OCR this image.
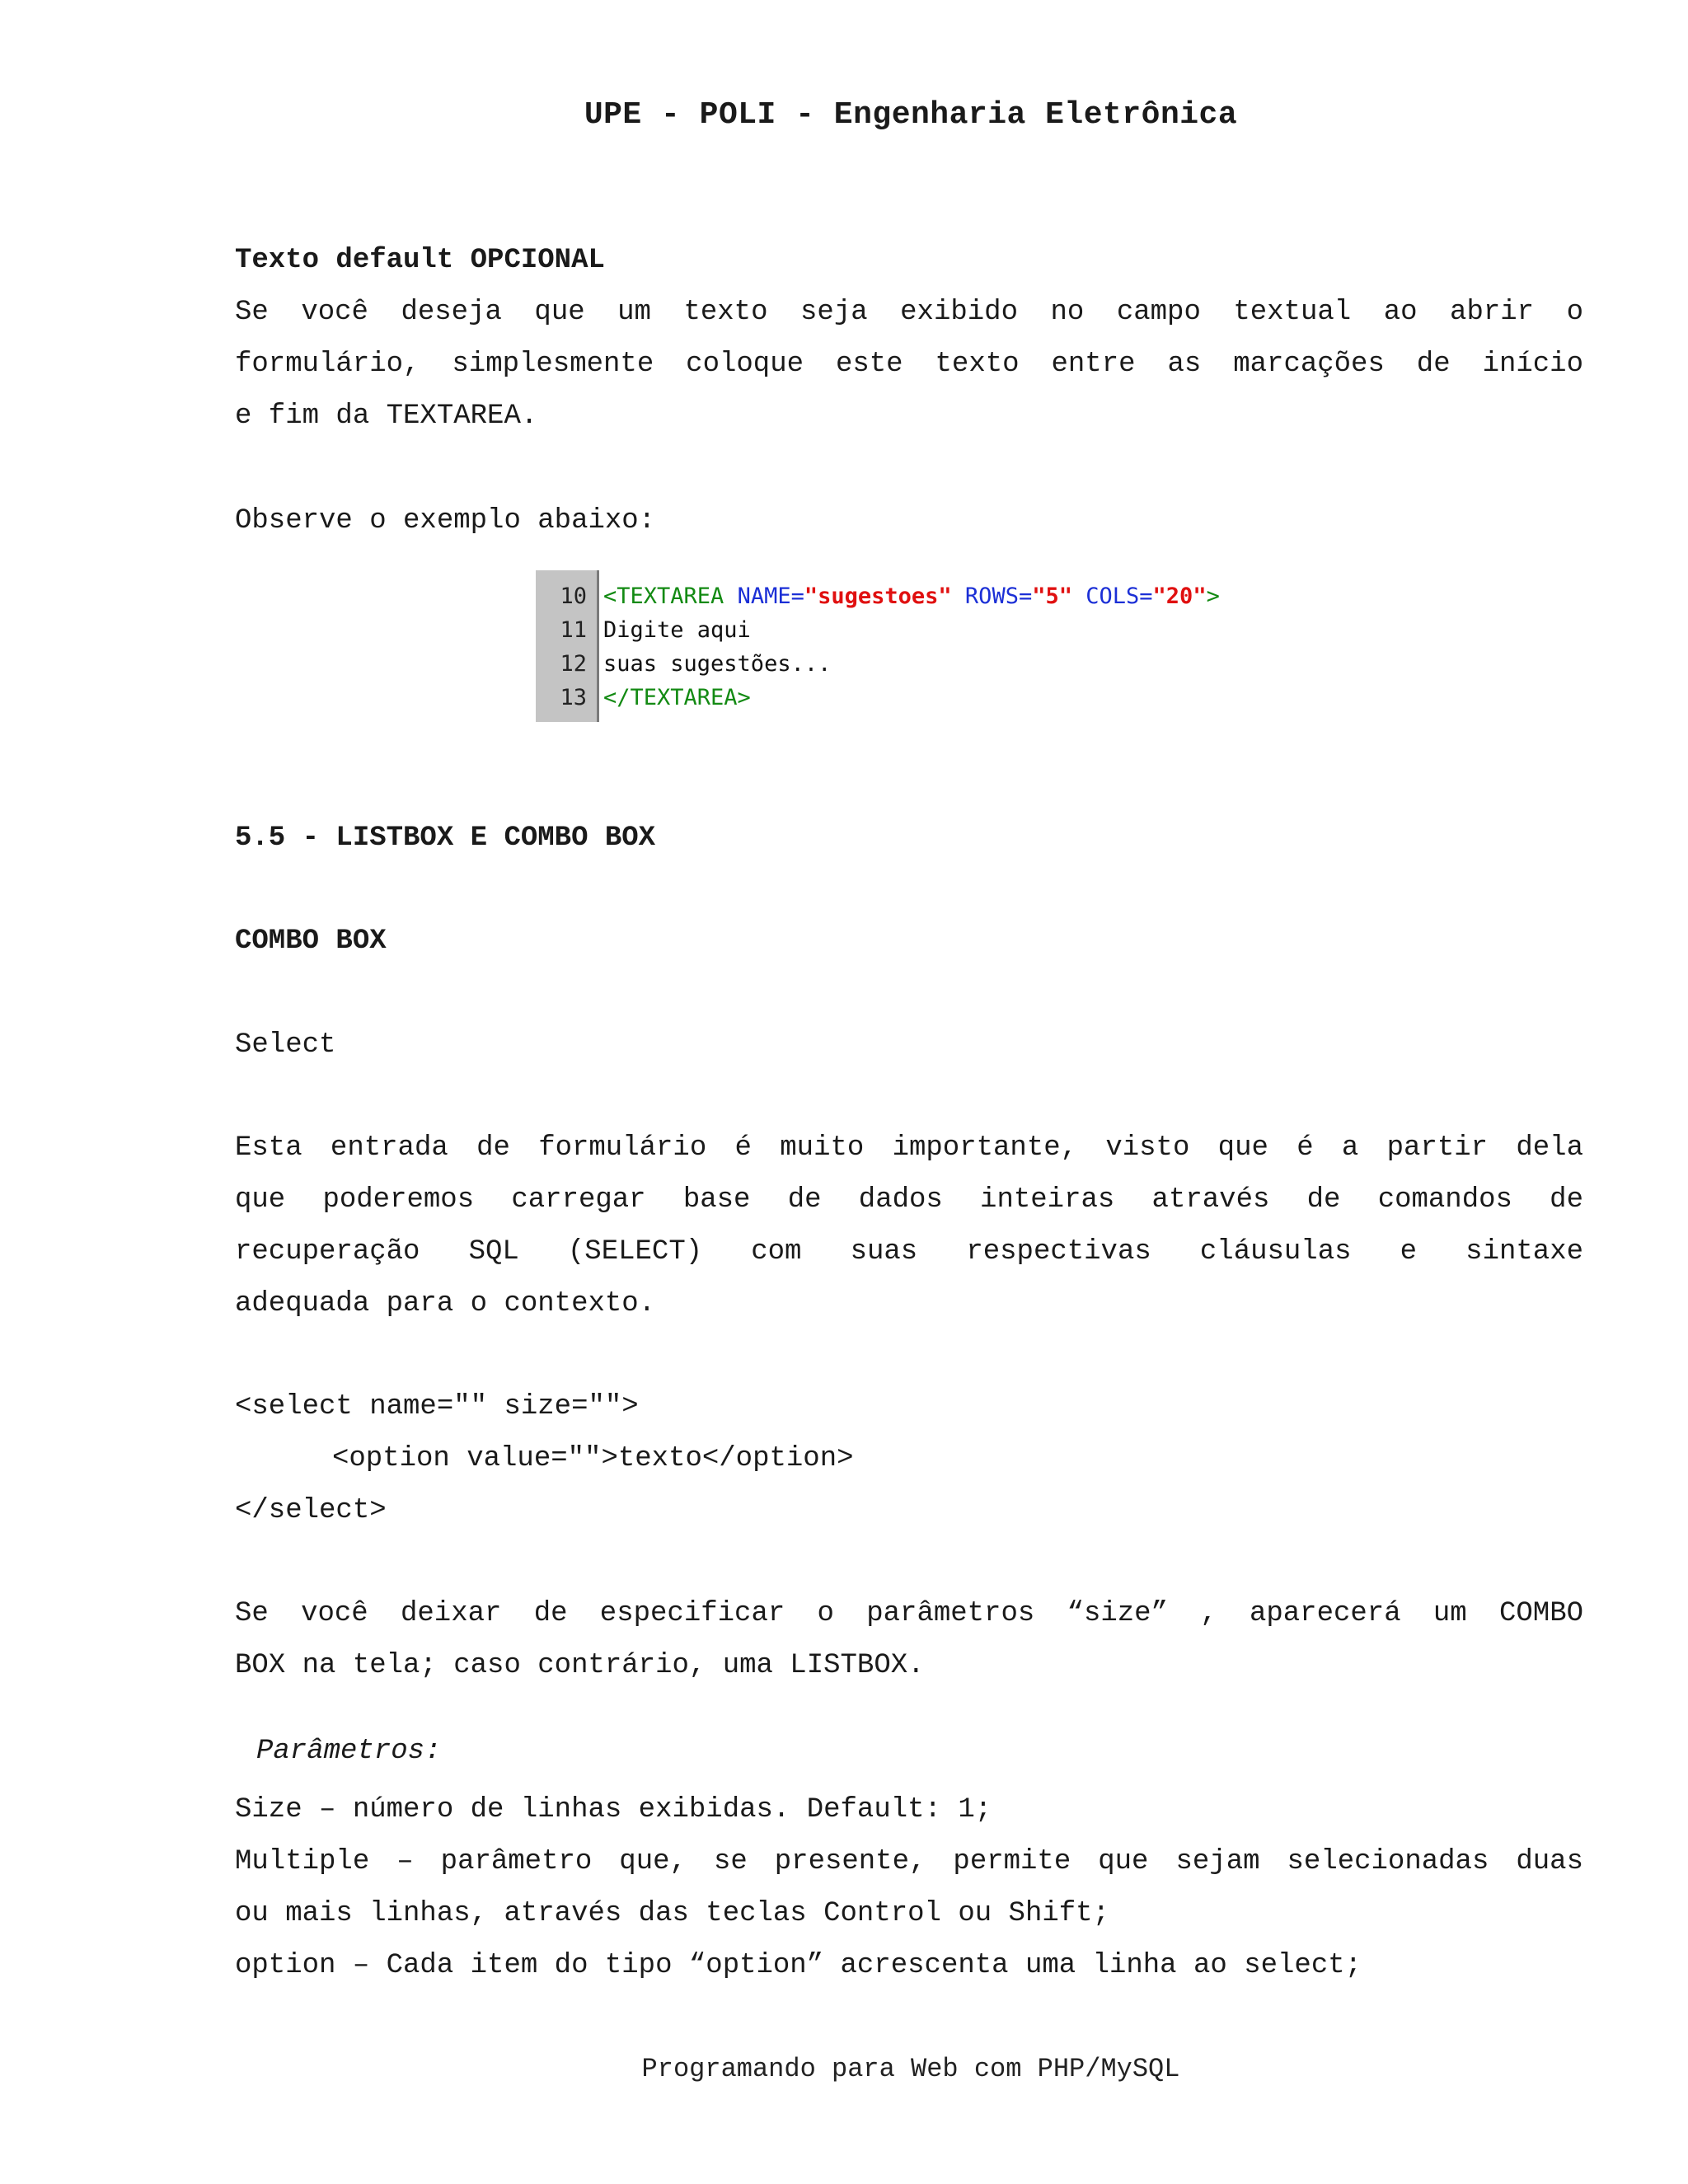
UPE - POLI - Engenharia Eletrônica

Texto default OPCIONAL

Se você deseja que um texto seja exibido no campo textual ao abrir o
formulário, simplesmente coloque este texto entre as marcações de início
e fim da TEXTAREA.

Observe o exemplo abaixo:

10
11
12
13
<TEXTAREA NAME="sugestoes" ROWS="5" COLS="20">
Digite aqui
suas sugestões...
</TEXTAREA>

5.5 - LISTBOX E COMBO BOX

COMBO BOX

Select

Esta entrada de formulário é muito importante, visto que é a partir dela
que poderemos carregar base de dados inteiras através de comandos de
recuperação SQL (SELECT) com suas respectivas cláusulas e sintaxe
adequada para o contexto.

<select name="" size="">

<option value="">texto</option>

</select>

Se você deixar de especificar o parâmetros “size” , aparecerá um COMBO
BOX na tela; caso contrário, uma LISTBOX.

Parâmetros:

Size – número de linhas exibidas. Default: 1;

Multiple – parâmetro que, se presente, permite que sejam selecionadas duas
ou mais linhas, através das teclas Control ou Shift;

option – Cada item do tipo “option” acrescenta uma linha ao select;

Programando para Web com PHP/MySQL
